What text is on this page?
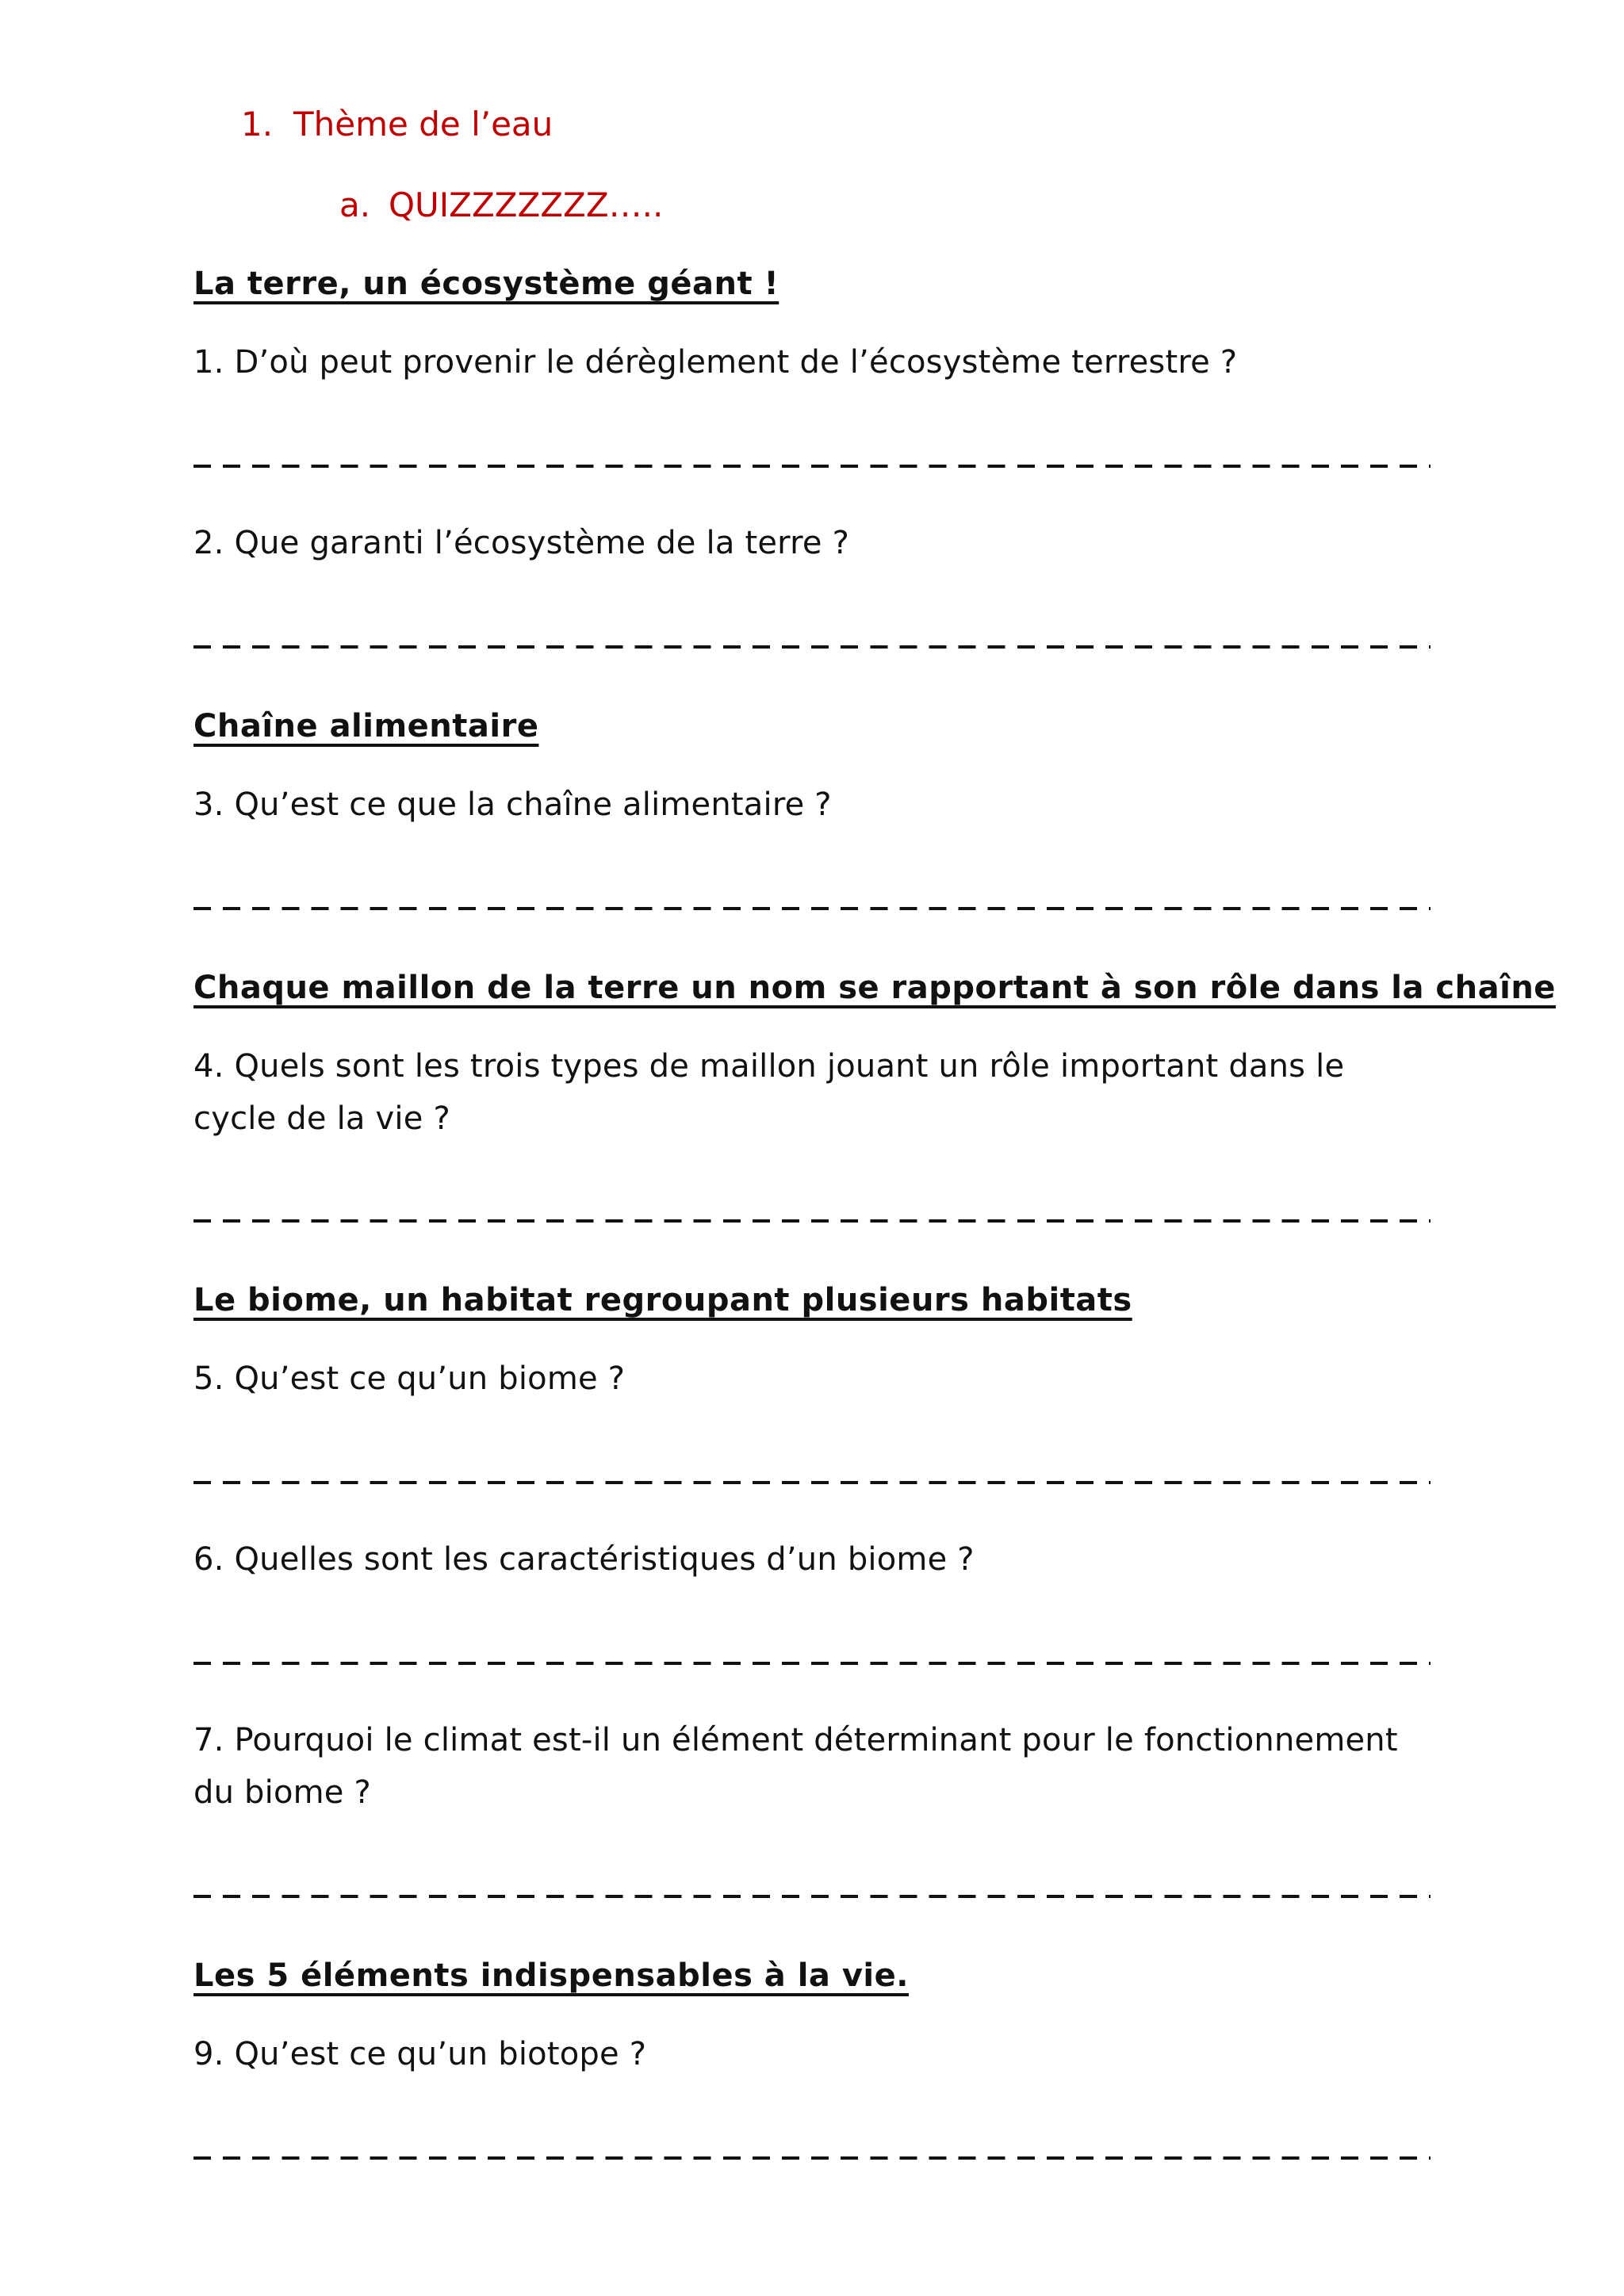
1. Thème de l’eau
a. QUIZZZZZZZ…..
La terre, un écosystème géant !
1. D’où peut provenir le dérèglement de l’écosystème terrestre ?
2. Que garanti l’écosystème de la terre ?
Chaîne alimentaire
3. Qu’est ce que la chaîne alimentaire ?
Chaque maillon de la terre un nom se rapportant à son rôle dans la chaîne
4. Quels sont les trois types de maillon jouant un rôle important dans le cycle de la vie ?
Le biome, un habitat regroupant plusieurs habitats
5. Qu’est ce qu’un biome ?
6. Quelles sont les caractéristiques d’un biome ?
7. Pourquoi le climat est-il un élément déterminant pour le fonctionnement du biome ?
Les 5 éléments indispensables à la vie.
9. Qu’est ce qu’un biotope ?
